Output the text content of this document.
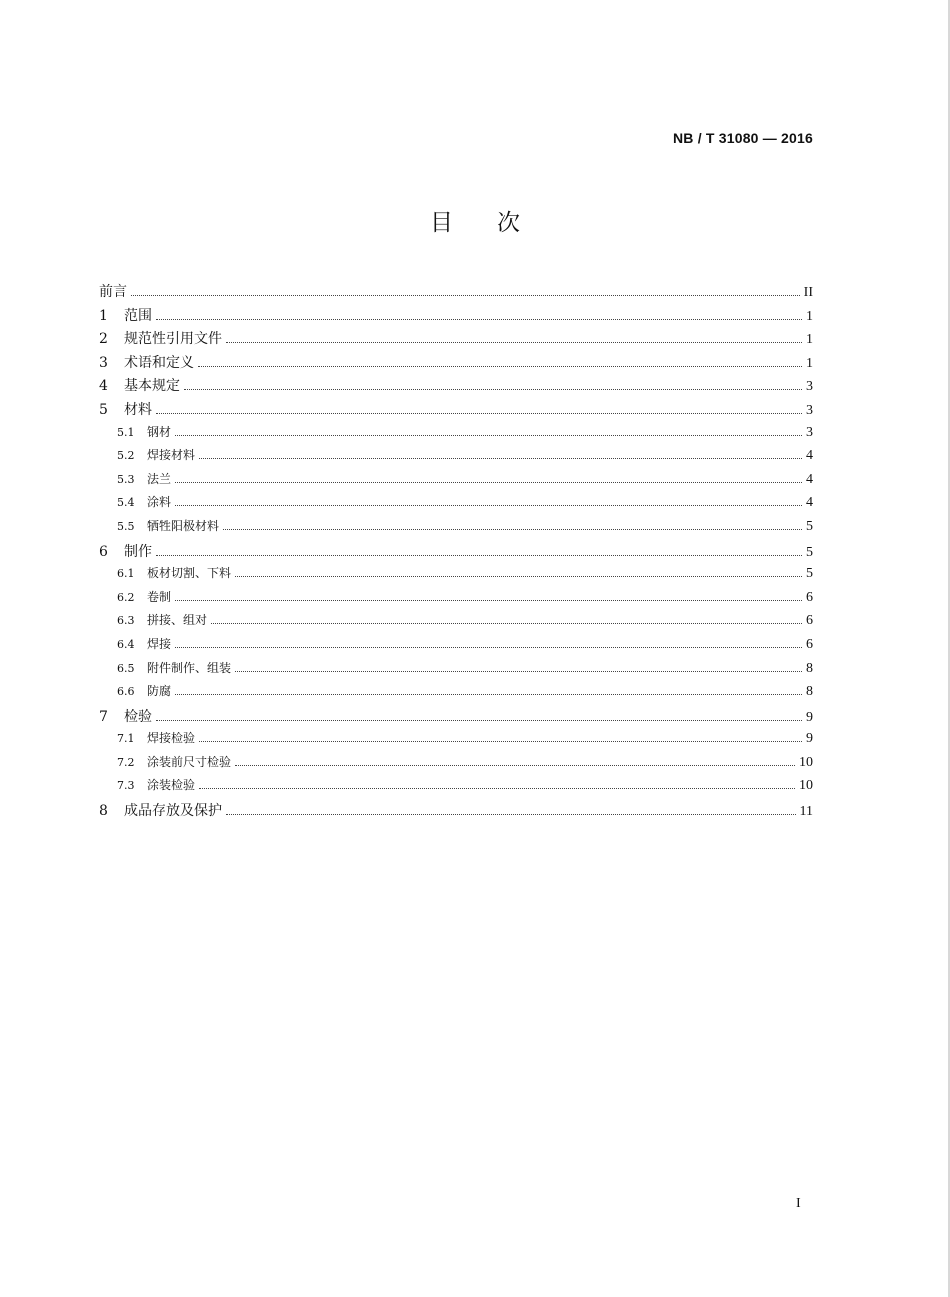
NB / T 31080 — 2016
目次
前言	II
1	范围	1
2	规范性引用文件	1
3	术语和定义	1
4	基本规定	3
5	材料	3
5.1	钢材	3
5.2	焊接材料	4
5.3	法兰	4
5.4	涂料	4
5.5	牺牲阳极材料	5
6	制作	5
6.1	板材切割、下料	5
6.2	卷制	6
6.3	拼接、组对	6
6.4	焊接	6
6.5	附件制作、组装	8
6.6	防腐	8
7	检验	9
7.1	焊接检验	9
7.2	涂装前尺寸检验	10
7.3	涂装检验	10
8	成品存放及保护	11
I
